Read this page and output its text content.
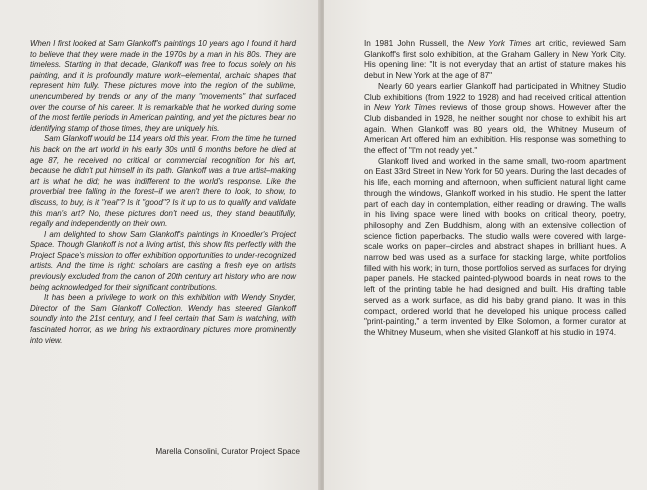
When I first looked at Sam Glankoff's paintings 10 years ago I found it hard to believe that they were made in the 1970s by a man in his 80s. They are timeless. Starting in that decade, Glankoff was free to focus solely on his painting, and it is profoundly mature work–elemental, archaic shapes that represent him fully. These pictures move into the region of the sublime, unencumbered by trends or any of the many "movements" that surfaced over the course of his career. It is remarkable that he worked during some of the most fertile periods in American painting, and yet the pictures bear no identifying stamp of those times, they are uniquely his.

Sam Glankoff would be 114 years old this year. From the time he turned his back on the art world in his early 30s until 6 months before he died at age 87, he received no critical or commercial recognition for his art, because he didn't put himself in its path. Glankoff was a true artist–making art is what he did; he was indifferent to the world's response. Like the proverbial tree falling in the forest–if we aren't there to look, to show, to discuss, to buy, is it "real"? Is it "good"? Is it up to us to qualify and validate this man's art? No, these pictures don't need us, they stand beautifully, regally and independently on their own.

I am delighted to show Sam Glankoff's paintings in Knoedler's Project Space. Though Glankoff is not a living artist, this show fits perfectly with the Project Space's mission to offer exhibition opportunities to under-recognized artists. And the time is right: scholars are casting a fresh eye on artists previously excluded from the canon of 20th century art history who are now being acknowledged for their significant contributions.

It has been a privilege to work on this exhibition with Wendy Snyder, Director of the Sam Glankoff Collection. Wendy has steered Glankoff soundly into the 21st century, and I feel certain that Sam is watching, with fascinated horror, as we bring his extraordinary pictures more prominently into view.

Marella Consolini, Curator Project Space

In 1981 John Russell, the New York Times art critic, reviewed Sam Glankoff's first solo exhibition, at the Graham Gallery in New York City. His opening line: "It is not everyday that an artist of stature makes his debut in New York at the age of 87"

Nearly 60 years earlier Glankoff had participated in Whitney Studio Club exhibitions (from 1922 to 1928) and had received critical attention in New York Times reviews of those group shows. However after the Club disbanded in 1928, he neither sought nor chose to exhibit his art again. When Glankoff was 80 years old, the Whitney Museum of American Art offered him an exhibition. His response was something to the effect of "I'm not ready yet."

Glankoff lived and worked in the same small, two-room apartment on East 33rd Street in New York for 50 years. During the last decades of his life, each morning and afternoon, when sufficient natural light came through the windows, Glankoff worked in his studio. He spent the latter part of each day in contemplation, either reading or drawing. The walls in his living space were lined with books on critical theory, poetry, philosophy and Zen Buddhism, along with an extensive collection of science fiction paperbacks. The studio walls were covered with large-scale works on paper–circles and abstract shapes in brilliant hues. A narrow bed was used as a surface for stacking large, white portfolios filled with his work; in turn, those portfolios served as surfaces for drying paper panels. He stacked painted-plywood boards in neat rows to the left of the printing table he had designed and built. His drafting table served as a work surface, as did his baby grand piano. It was in this compact, ordered world that he developed his unique process called "print-painting," a term invented by Elke Solomon, a former curator at the Whitney Museum, when she visited Glankoff at his studio in 1974.
